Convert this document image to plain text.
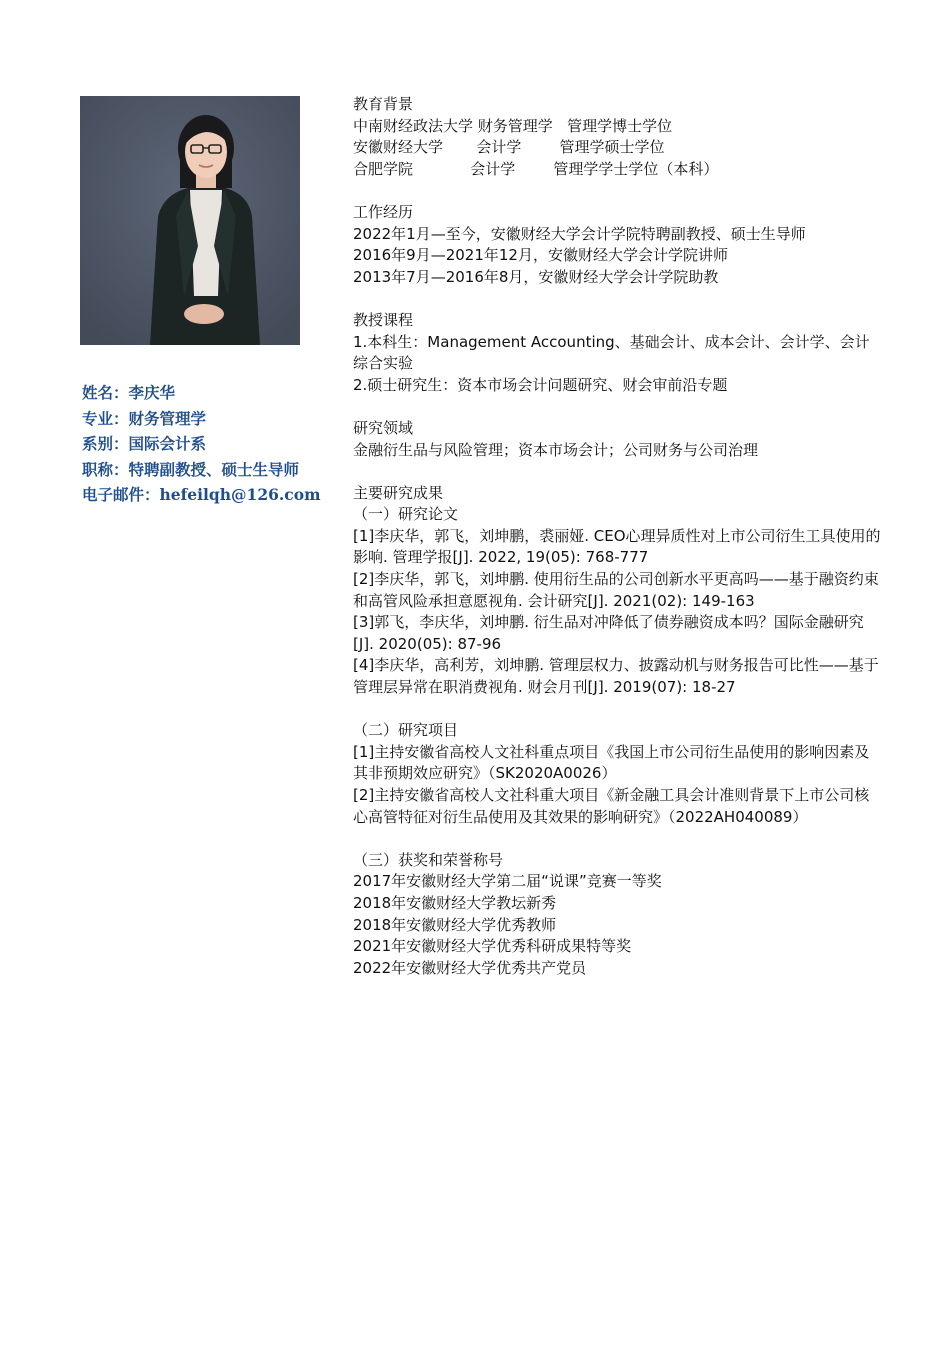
姓名：李庆华
专业：财务管理学
系别：国际会计系
职称：特聘副教授、硕士生导师
电子邮件：hefeilqh@126.com
教育背景
中南财经政法大学 财务管理学   管理学博士学位
安徽财经大学       会计学        管理学硕士学位
合肥学院            会计学        管理学学士学位（本科）
工作经历
2022年1月—至今，安徽财经大学会计学院特聘副教授、硕士生导师
2016年9月—2021年12月，安徽财经大学会计学院讲师
2013年7月—2016年8月，安徽财经大学会计学院助教
教授课程
1.本科生：Management Accounting、基础会计、成本会计、会计学、会计综合实验
2.硕士研究生：资本市场会计问题研究、财会审前沿专题
研究领域
金融衍生品与风险管理；资本市场会计；公司财务与公司治理
主要研究成果
（一）研究论文
[1]李庆华，郭飞，刘坤鹏，裘丽娅. CEO心理异质性对上市公司衍生工具使用的影响. 管理学报[J]. 2022, 19(05): 768-777
[2]李庆华，郭飞，刘坤鹏. 使用衍生品的公司创新水平更高吗——基于融资约束和高管风险承担意愿视角. 会计研究[J]. 2021(02): 149-163
[3]郭飞，李庆华，刘坤鹏. 衍生品对冲降低了债券融资成本吗？国际金融研究[J]. 2020(05): 87-96
[4]李庆华，高利芳，刘坤鹏. 管理层权力、披露动机与财务报告可比性——基于管理层异常在职消费视角. 财会月刊[J]. 2019(07): 18-27
（二）研究项目
[1]主持安徽省高校人文社科重点项目《我国上市公司衍生品使用的影响因素及其非预期效应研究》（SK2020A0026）
[2]主持安徽省高校人文社科重大项目《新金融工具会计准则背景下上市公司核心高管特征对衍生品使用及其效果的影响研究》（2022AH040089）
（三）获奖和荣誉称号
2017年安徽财经大学第二届“说课”竞赛一等奖
2018年安徽财经大学教坛新秀
2018年安徽财经大学优秀教师
2021年安徽财经大学优秀科研成果特等奖
2022年安徽财经大学优秀共产党员
